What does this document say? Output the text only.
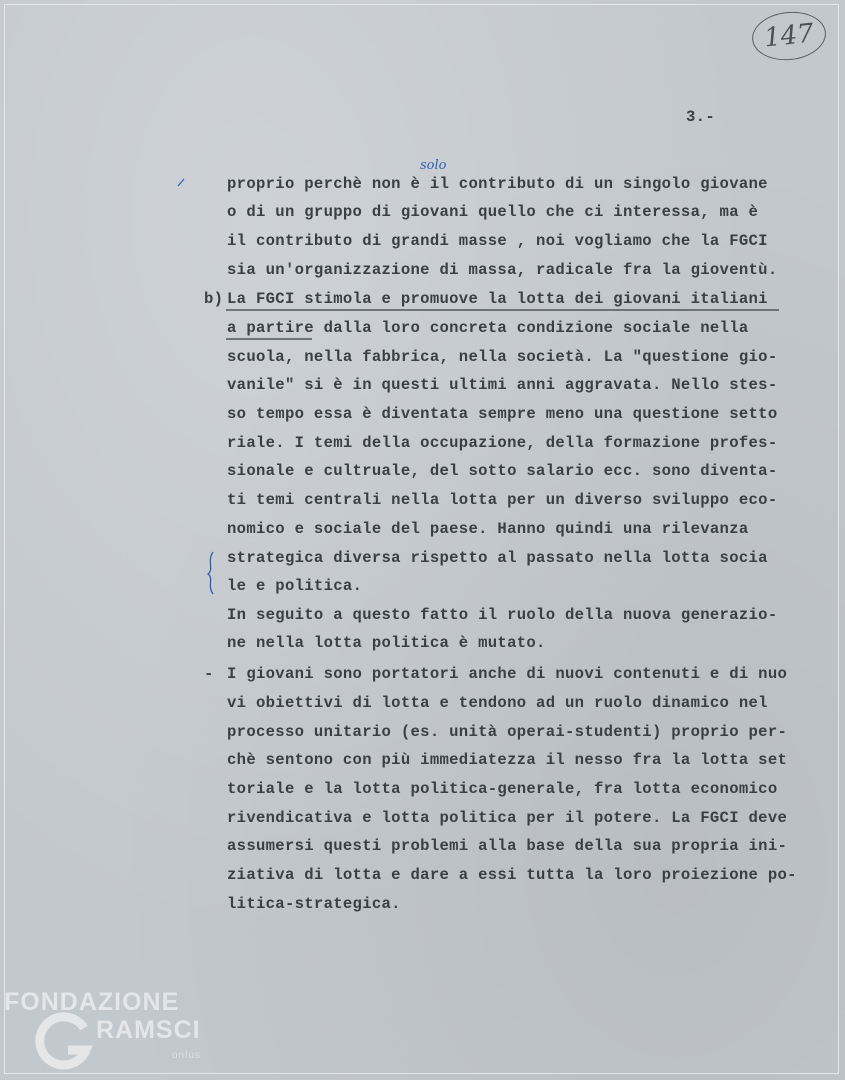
147
3.-
solo
b)
-
proprio perchè non è il contributo di un singolo giovane
o di un gruppo di giovani quello che ci interessa, ma è
il contributo di grandi masse , noi vogliamo che la FGCI
sia un'organizzazione di massa, radicale fra la gioventù.
La FGCI stimola e promuove la lotta dei giovani italiani
a partire dalla loro concreta condizione sociale nella
scuola, nella fabbrica, nella società. La "questione gio-
vanile" si è in questi ultimi anni aggravata. Nello stes-
so tempo essa è diventata sempre meno una questione setto
riale. I temi della occupazione, della formazione profes-
sionale e cultruale, del sotto salario ecc. sono diventa-
ti temi centrali nella lotta per un diverso sviluppo eco-
nomico e sociale del paese. Hanno quindi una rilevanza
strategica diversa rispetto al passato nella lotta socia
le e politica.
In seguito a questo fatto il ruolo della nuova generazio-
ne nella lotta politica è mutato.
I giovani sono portatori anche di nuovi contenuti e di nuo
vi obiettivi di lotta e tendono ad un ruolo dinamico nel
processo unitario (es. unità operai-studenti) proprio per-
chè sentono con più immediatezza il nesso fra la lotta set
toriale e la lotta politica-generale, fra lotta economico
rivendicativa e lotta politica per il potere. La FGCI deve
assumersi questi problemi alla base della sua propria ini-
ziativa di lotta e dare a essi tutta la loro proiezione po-
litica-strategica.
FONDAZIONE
RAMSCI
onlus
